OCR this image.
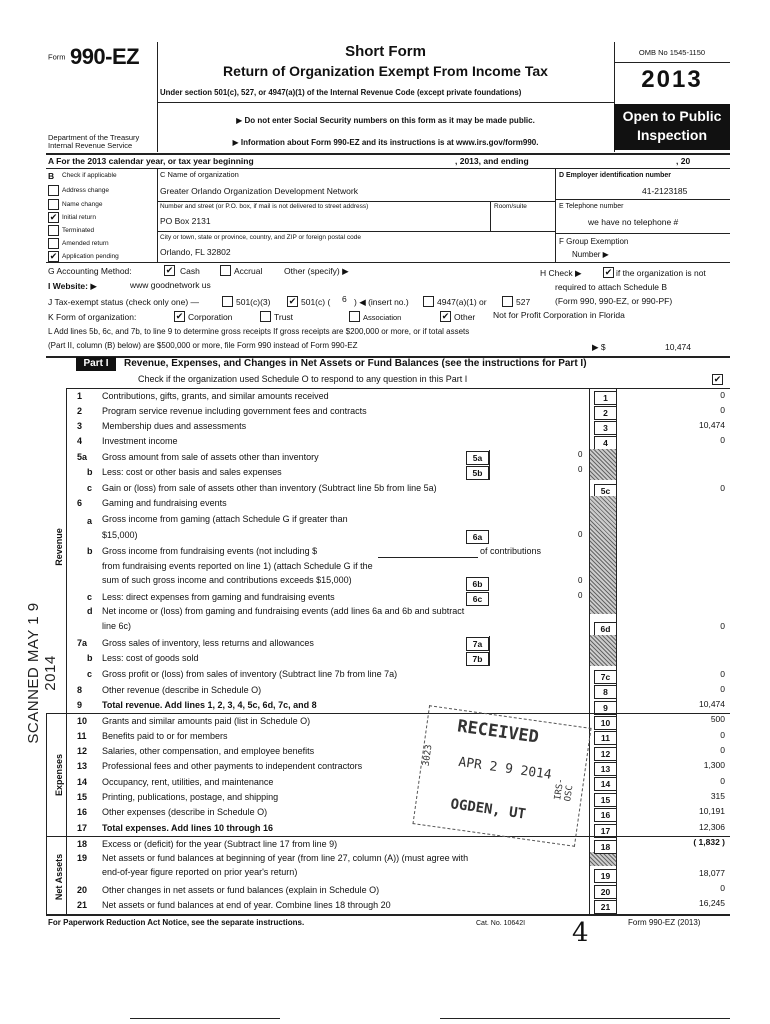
Form 990-EZ
Department of the Treasury
Internal Revenue Service
Short Form
Return of Organization Exempt From Income Tax
Under section 501(c), 527, or 4947(a)(1) of the Internal Revenue Code (except private foundations)
▶ Do not enter Social Security numbers on this form as it may be made public.
▶ Information about Form 990-EZ and its instructions is at www.irs.gov/form990.
OMB No 1545-1150
2013
Open to Public
Inspection
A For the 2013 calendar year, or tax year beginning	, 2013, and ending	, 20
B Check if applicable
Address change
Name change
✔ Initial return
Terminated
Amended return
✔ Application pending
C Name of organization
Greater Orlando Organization Development Network
Number and street (or P.O. box, if mail is not delivered to street address)	Room/suite
PO Box 2131
City or town, state or province, country, and ZIP or foreign postal code
Orlando, FL 32802
D Employer identification number
41-2123185
E Telephone number
we have no telephone #
F Group Exemption
Number ▶
G Accounting Method:	✔ Cash	Accrual	Other (specify) ▶	H Check ▶	✔ if the organization is not
required to attach Schedule B
(Form 990, 990-EZ, or 990-PF)
I Website: ▶	www goodnetwork us
J Tax-exempt status (check only one) —	501(c)(3) ✔ 501(c) ( 6 ) ◀ (insert no.)	4947(a)(1) or	527
K Form of organization:	✔ Corporation	Trust	Association	✔ Other Not for Profit Corporation in Florida
L Add lines 5b, 6c, and 7b, to line 9 to determine gross receipts If gross receipts are $200,000 or more, or if total assets
(Part II, column (B) below) are $500,000 or more, file Form 990 instead of Form 990-EZ	▶ $	10,474
Part I	Revenue, Expenses, and Changes in Net Assets or Fund Balances (see the instructions for Part I)
Check if the organization used Schedule O to respond to any question in this Part I	✔
1 Contributions, gifts, grants, and similar amounts received	1	0
2 Program service revenue including government fees and contracts	2	0
3 Membership dues and assessments	3	10,474
4 Investment income	4	0
5a Gross amount from sale of assets other than inventory	5a	0
b Less: cost or other basis and sales expenses	5b	0
c Gain or (loss) from sale of assets other than inventory (Subtract line 5b from line 5a)	5c	0
6 Gaming and fundraising events
a Gross income from gaming (attach Schedule G if greater than
$15,000)	6a	0
b Gross income from fundraising events (not including $	of contributions
from fundraising events reported on line 1) (attach Schedule G if the
sum of such gross income and contributions exceeds $15,000)	6b	0
c Less: direct expenses from gaming and fundraising events	6c	0
d Net income or (loss) from gaming and fundraising events (add lines 6a and 6b and subtract
line 6c)	6d	0
7a Gross sales of inventory, less returns and allowances	7a
b Less: cost of goods sold	7b
c Gross profit or (loss) from sales of inventory (Subtract line 7b from line 7a)	7c	0
8 Other revenue (describe in Schedule O)	8	0
9 Total revenue. Add lines 1, 2, 3, 4, 5c, 6d, 7c, and 8	9	10,474
10 Grants and similar amounts paid (list in Schedule O)	10	500
11 Benefits paid to or for members	11	0
12 Salaries, other compensation, and employee benefits	12	0
13 Professional fees and other payments to independent contractors	13	1,300
14 Occupancy, rent, utilities, and maintenance	14	0
15 Printing, publications, postage, and shipping	15	315
16 Other expenses (describe in Schedule O)	16	10,191
17 Total expenses. Add lines 10 through 16	17	12,306
18 Excess or (deficit) for the year (Subtract line 17 from line 9)	18	( 1,832 )
19 Net assets or fund balances at beginning of year (from line 27, column (A)) (must agree with
end-of-year figure reported on prior year's return)	19	18,077
20 Other changes in net assets or fund balances (explain in Schedule O)	20	0
21 Net assets or fund balances at end of year. Combine lines 18 through 20	21	16,245
Revenue
Expenses
Net Assets
SCANNED MAY 1 9 2014
RECEIVED
APR 2 9 2014
OGDEN, UT
3023
IRS-OSC
For Paperwork Reduction Act Notice, see the separate instructions.	Cat. No. 10642I	Form 990-EZ (2013)
4
